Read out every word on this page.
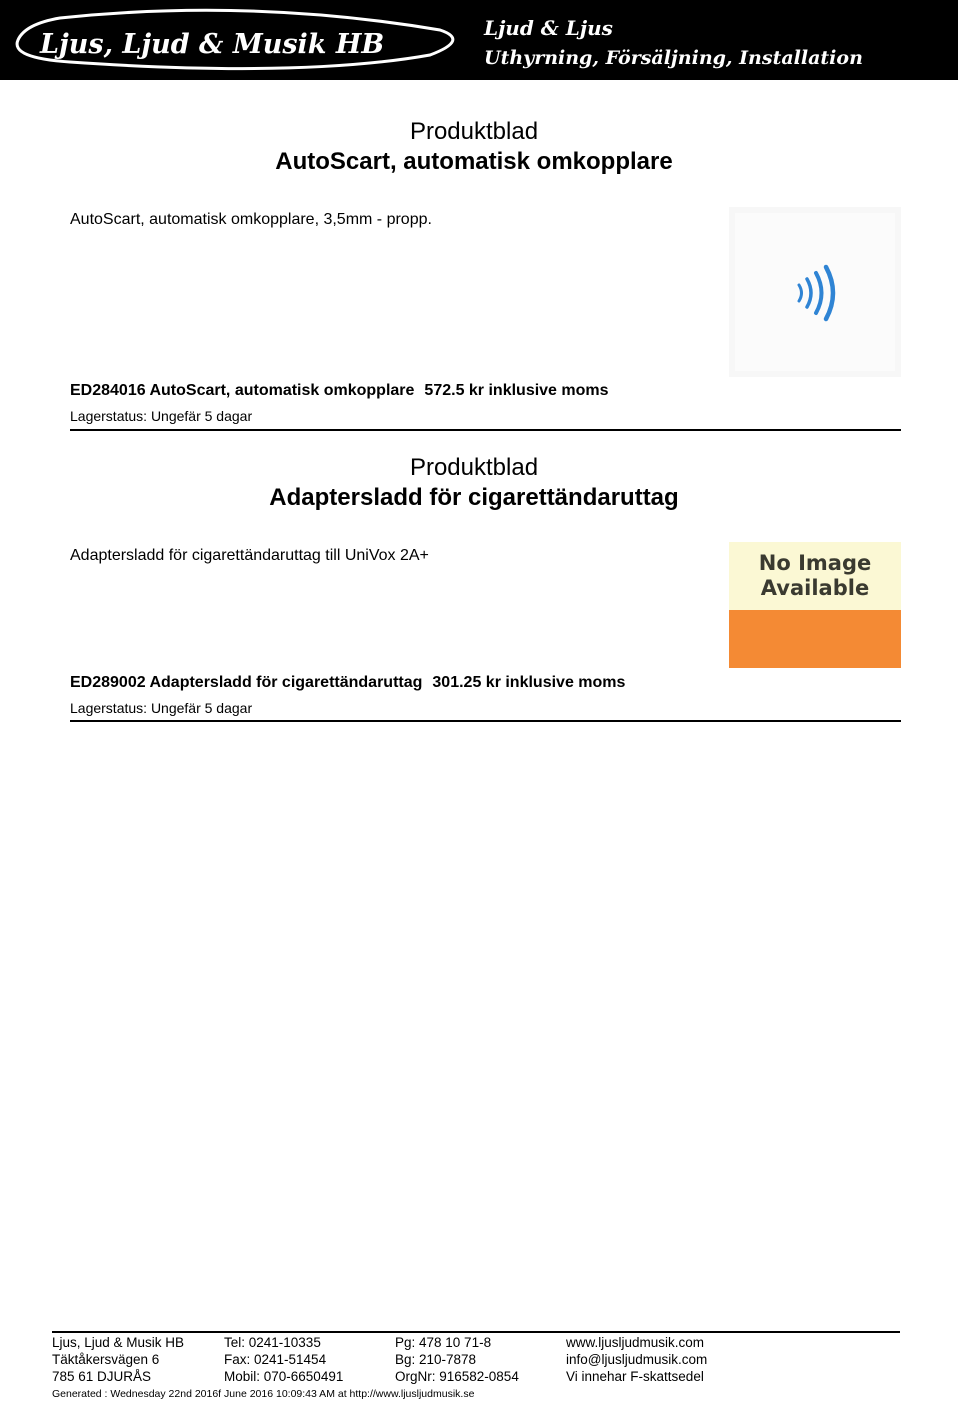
Ljus, Ljud & Musik HB
Ljud & Ljus
Uthyrning, Försäljning, Installation
Produktblad
AutoScart, automatisk omkopplare
AutoScart, automatisk omkopplare, 3,5mm - propp.
ED284016 AutoScart, automatisk omkopplare 572.5 kr inklusive moms
Lagerstatus: Ungefär 5 dagar
Produktblad
Adaptersladd för cigarettändaruttag
Adaptersladd för cigarettändaruttag till UniVox 2A+	No Image
Available
ED289002 Adaptersladd för cigarettändaruttag 301.25 kr inklusive moms
Lagerstatus: Ungefär 5 dagar
Ljus, Ljud & Musik HB
Täktåkersvägen 6
785 61 DJURÅS
Tel: 0241-10335
Fax: 0241-51454
Mobil: 070-6650491
Pg: 478 10 71-8
Bg: 210-7878
OrgNr: 916582-0854
www.ljusljudmusik.com
info@ljusljudmusik.com
Vi innehar F-skattsedel
Generated : Wednesday 22nd 2016f June 2016 10:09:43 AM at http://www.ljusljudmusik.se
